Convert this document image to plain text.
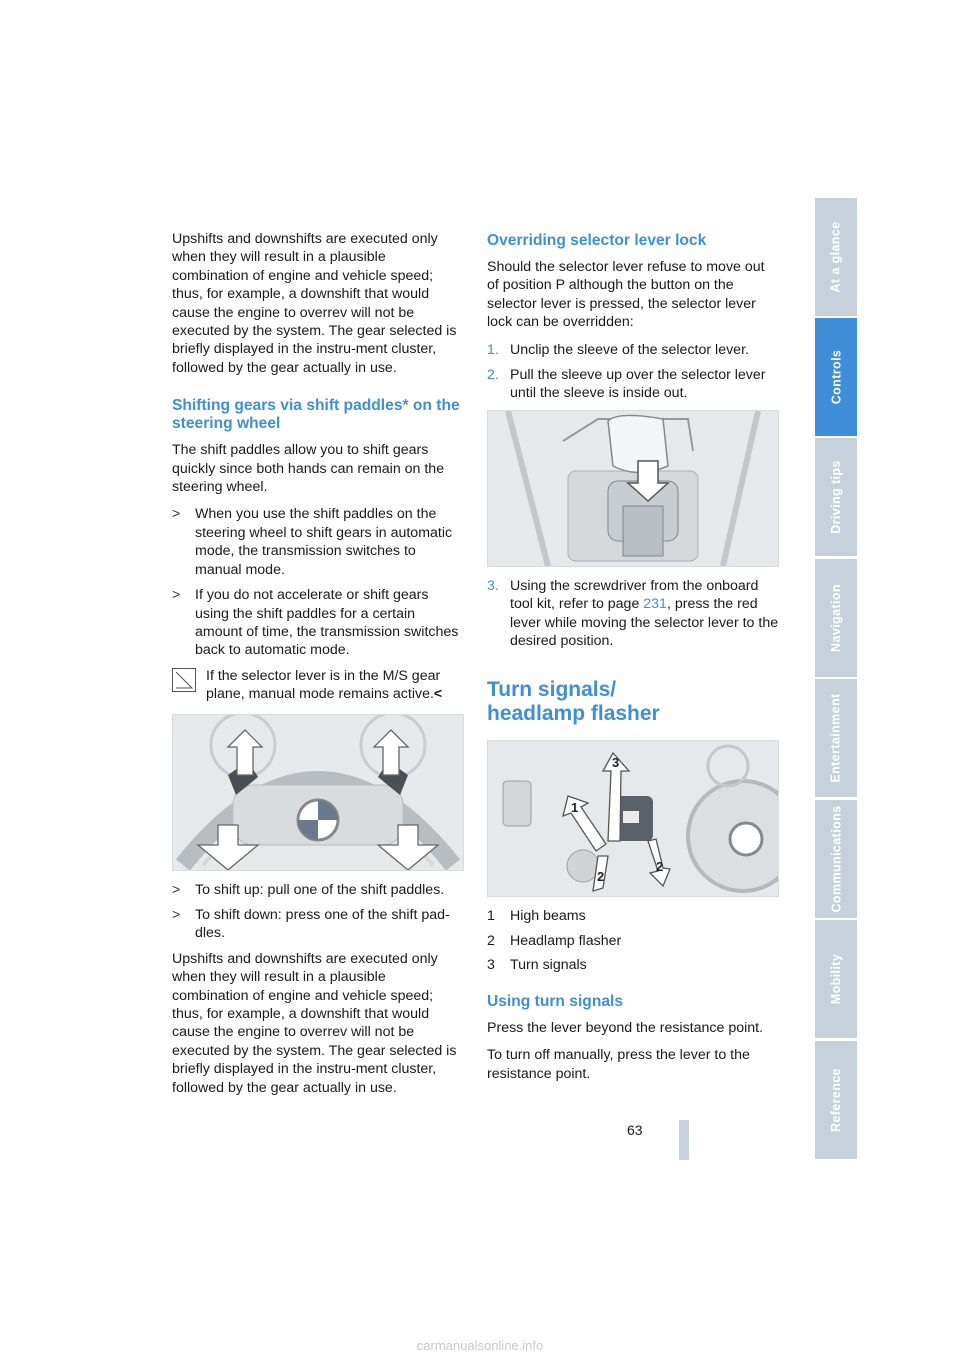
Upshifts and downshifts are executed only when they will result in a plausible combination of engine and vehicle speed; thus, for example, a downshift that would cause the engine to overrev will not be executed by the system. The gear selected is briefly displayed in the instru-ment cluster, followed by the gear actually in use.

Shifting gears via shift paddles* on the steering wheel

The shift paddles allow you to shift gears quickly since both hands can remain on the steering wheel.

>	When you use the shift paddles on the steering wheel to shift gears in automatic mode, the transmission switches to manual mode.
>	If you do not accelerate or shift gears using the shift paddles for a certain amount of time, the transmission switches back to automatic mode.
If the selector lever is in the M/S gear plane, manual mode remains active.<
>	To shift up: pull one of the shift paddles.
>	To shift down: press one of the shift pad-dles.

Upshifts and downshifts are executed only when they will result in a plausible combination of engine and vehicle speed; thus, for example, a downshift that would cause the engine to overrev will not be executed by the system. The gear selected is briefly displayed in the instru-ment cluster, followed by the gear actually in use.

Overriding selector lever lock

Should the selector lever refuse to move out of position P although the button on the selector lever is pressed, the selector lever lock can be overridden:

1. Unclip the sleeve of the selector lever.
2. Pull the sleeve up over the selector lever until the sleeve is inside out.
3. Using the screwdriver from the onboard tool kit, refer to page 231, press the red lever while moving the selector lever to the desired position.
Turn signals/
headlamp flasher
1
3
2
2
1	High beams
2	Headlamp flasher
3	Turn signals
Using turn signals

Press the lever beyond the resistance point.

To turn off manually, press the lever to the resistance point.

At a glance
Controls
Driving tips
Navigation
Entertainment
Communications
Mobility
Reference
63
carmanualsonline.info
